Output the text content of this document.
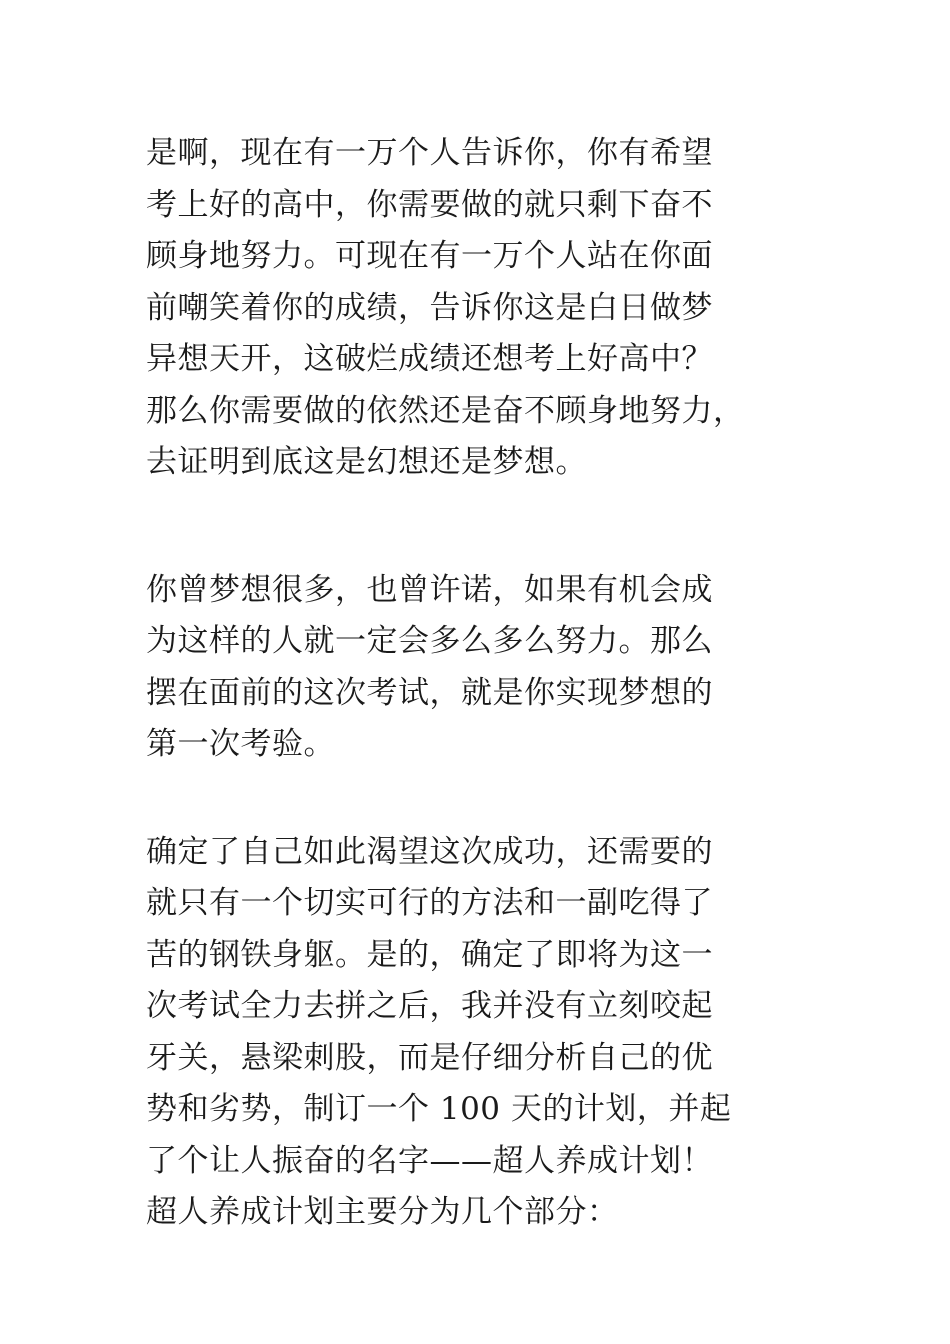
是啊，现在有一万个人告诉你，你有希望
考上好的高中，你需要做的就只剩下奋不
顾身地努力。可现在有一万个人站在你面
前嘲笑着你的成绩，告诉你这是白日做梦
异想天开，这破烂成绩还想考上好高中？
那么你需要做的依然还是奋不顾身地努力，
去证明到底这是幻想还是梦想。
你曾梦想很多，也曾许诺，如果有机会成
为这样的人就一定会多么多么努力。那么
摆在面前的这次考试，就是你实现梦想的
第一次考验。
确定了自己如此渴望这次成功，还需要的
就只有一个切实可行的方法和一副吃得了
苦的钢铁身躯。是的，确定了即将为这一
次考试全力去拼之后，我并没有立刻咬起
牙关，悬梁刺股，而是仔细分析自己的优
势和劣势，制订一个 100 天的计划，并起
了个让人振奋的名字——超人养成计划！
超人养成计划主要分为几个部分：
